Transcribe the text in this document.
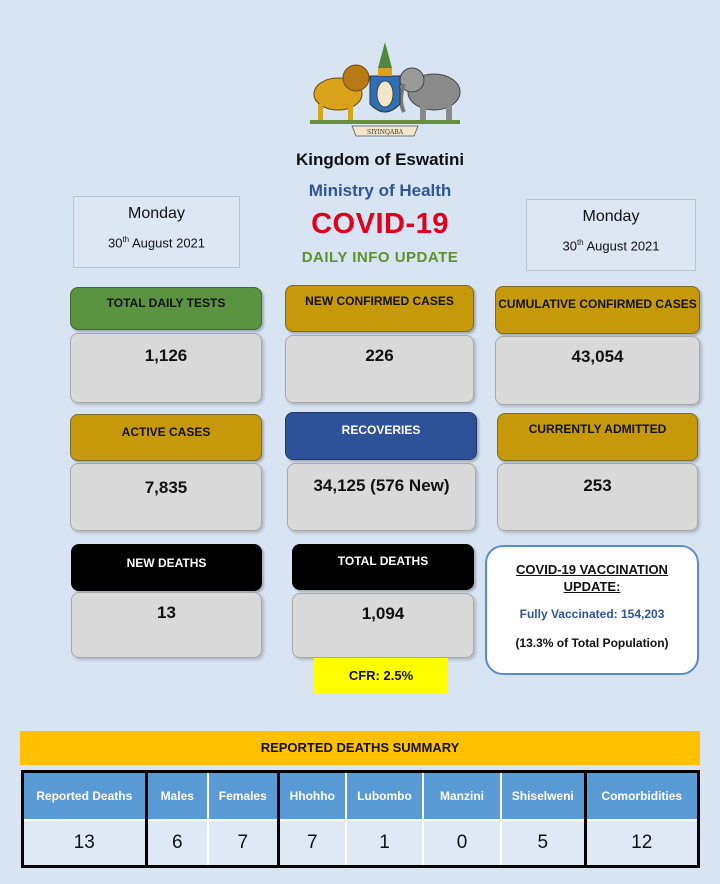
SIYINQABA
Kingdom of Eswatini
Ministry of Health
COVID-19
DAILY INFO UPDATE
Monday
30th August 2021
Monday
30th August 2021
TOTAL DAILY TESTS
1,126
NEW CONFIRMED CASES
226
CUMULATIVE CONFIRMED CASES
43,054
ACTIVE CASES
7,835
RECOVERIES
34,125 (576 New)
CURRENTLY ADMITTED
253
NEW DEATHS
13
TOTAL DEATHS
1,094
CFR: 2.5%
COVID-19 VACCINATION
UPDATE:
Fully Vaccinated: 154,203
(13.3% of Total Population)
REPORTED DEATHS SUMMARY
Reported Deaths	Males	Females	Hhohho	Lubombo	Manzini	Shiselweni	Comorbidities
13	6	7	7	1	0	5	12
